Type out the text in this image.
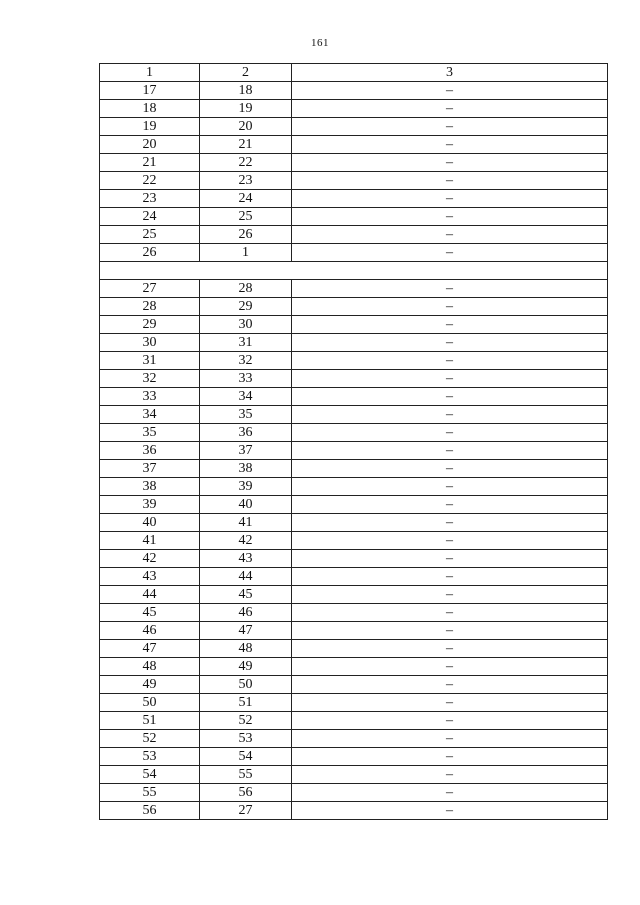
161
1	2	3
17	18	–
18	19	–
19	20	–
20	21	–
21	22	–
22	23	–
23	24	–
24	25	–
25	26	–
26	1	–

27	28	–
28	29	–
29	30	–
30	31	–
31	32	–
32	33	–
33	34	–
34	35	–
35	36	–
36	37	–
37	38	–
38	39	–
39	40	–
40	41	–
41	42	–
42	43	–
43	44	–
44	45	–
45	46	–
46	47	–
47	48	–
48	49	–
49	50	–
50	51	–
51	52	–
52	53	–
53	54	–
54	55	–
55	56	–
56	27	–
